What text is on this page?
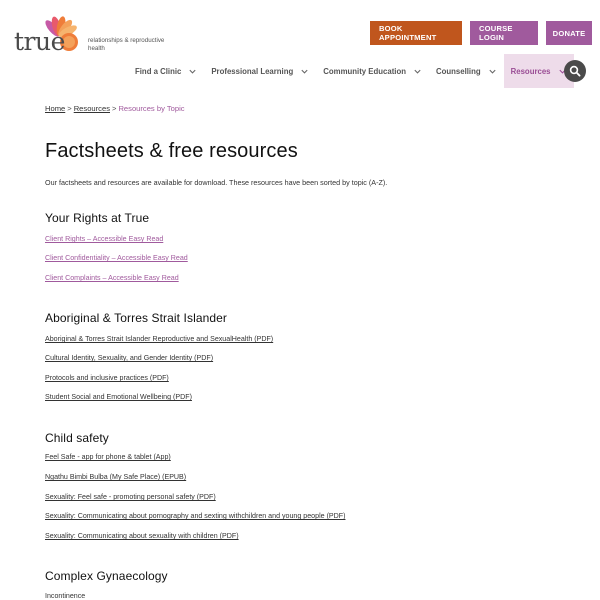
true	relationships & reproductive health
BOOK APPOINTMENT
COURSE LOGIN	DONATE
Find a Clinic	Professional Learning	Community Education	Counselling	Resources
Home > Resources > Resources by Topic
Factsheets & free resources

Our factsheets and resources are available for download. These resources have been sorted by topic (A-Z).

Your Rights at True
Client Rights – Accessible Easy Read
Client Confidentiality – Accessible Easy Read
Client Complaints – Accessible Easy Read
Aboriginal & Torres Strait Islander
Aboriginal & Torres Strait Islander Reproductive and SexualHealth (PDF)
Cultural Identity, Sexuality, and Gender Identity (PDF)
Protocols and inclusive practices (PDF)
Student Social and Emotional Wellbeing (PDF)
Child safety
Feel Safe - app for phone & tablet (App)
Ngathu Bimbi Bulba (My Safe Place) (EPUB)
Sexuality: Feel safe - promoting personal safety (PDF)
Sexuality: Communicating about pornography and sexting withchildren and young people (PDF)
Sexuality: Communicating about sexuality with children (PDF)
Complex Gynaecology
Incontinence
